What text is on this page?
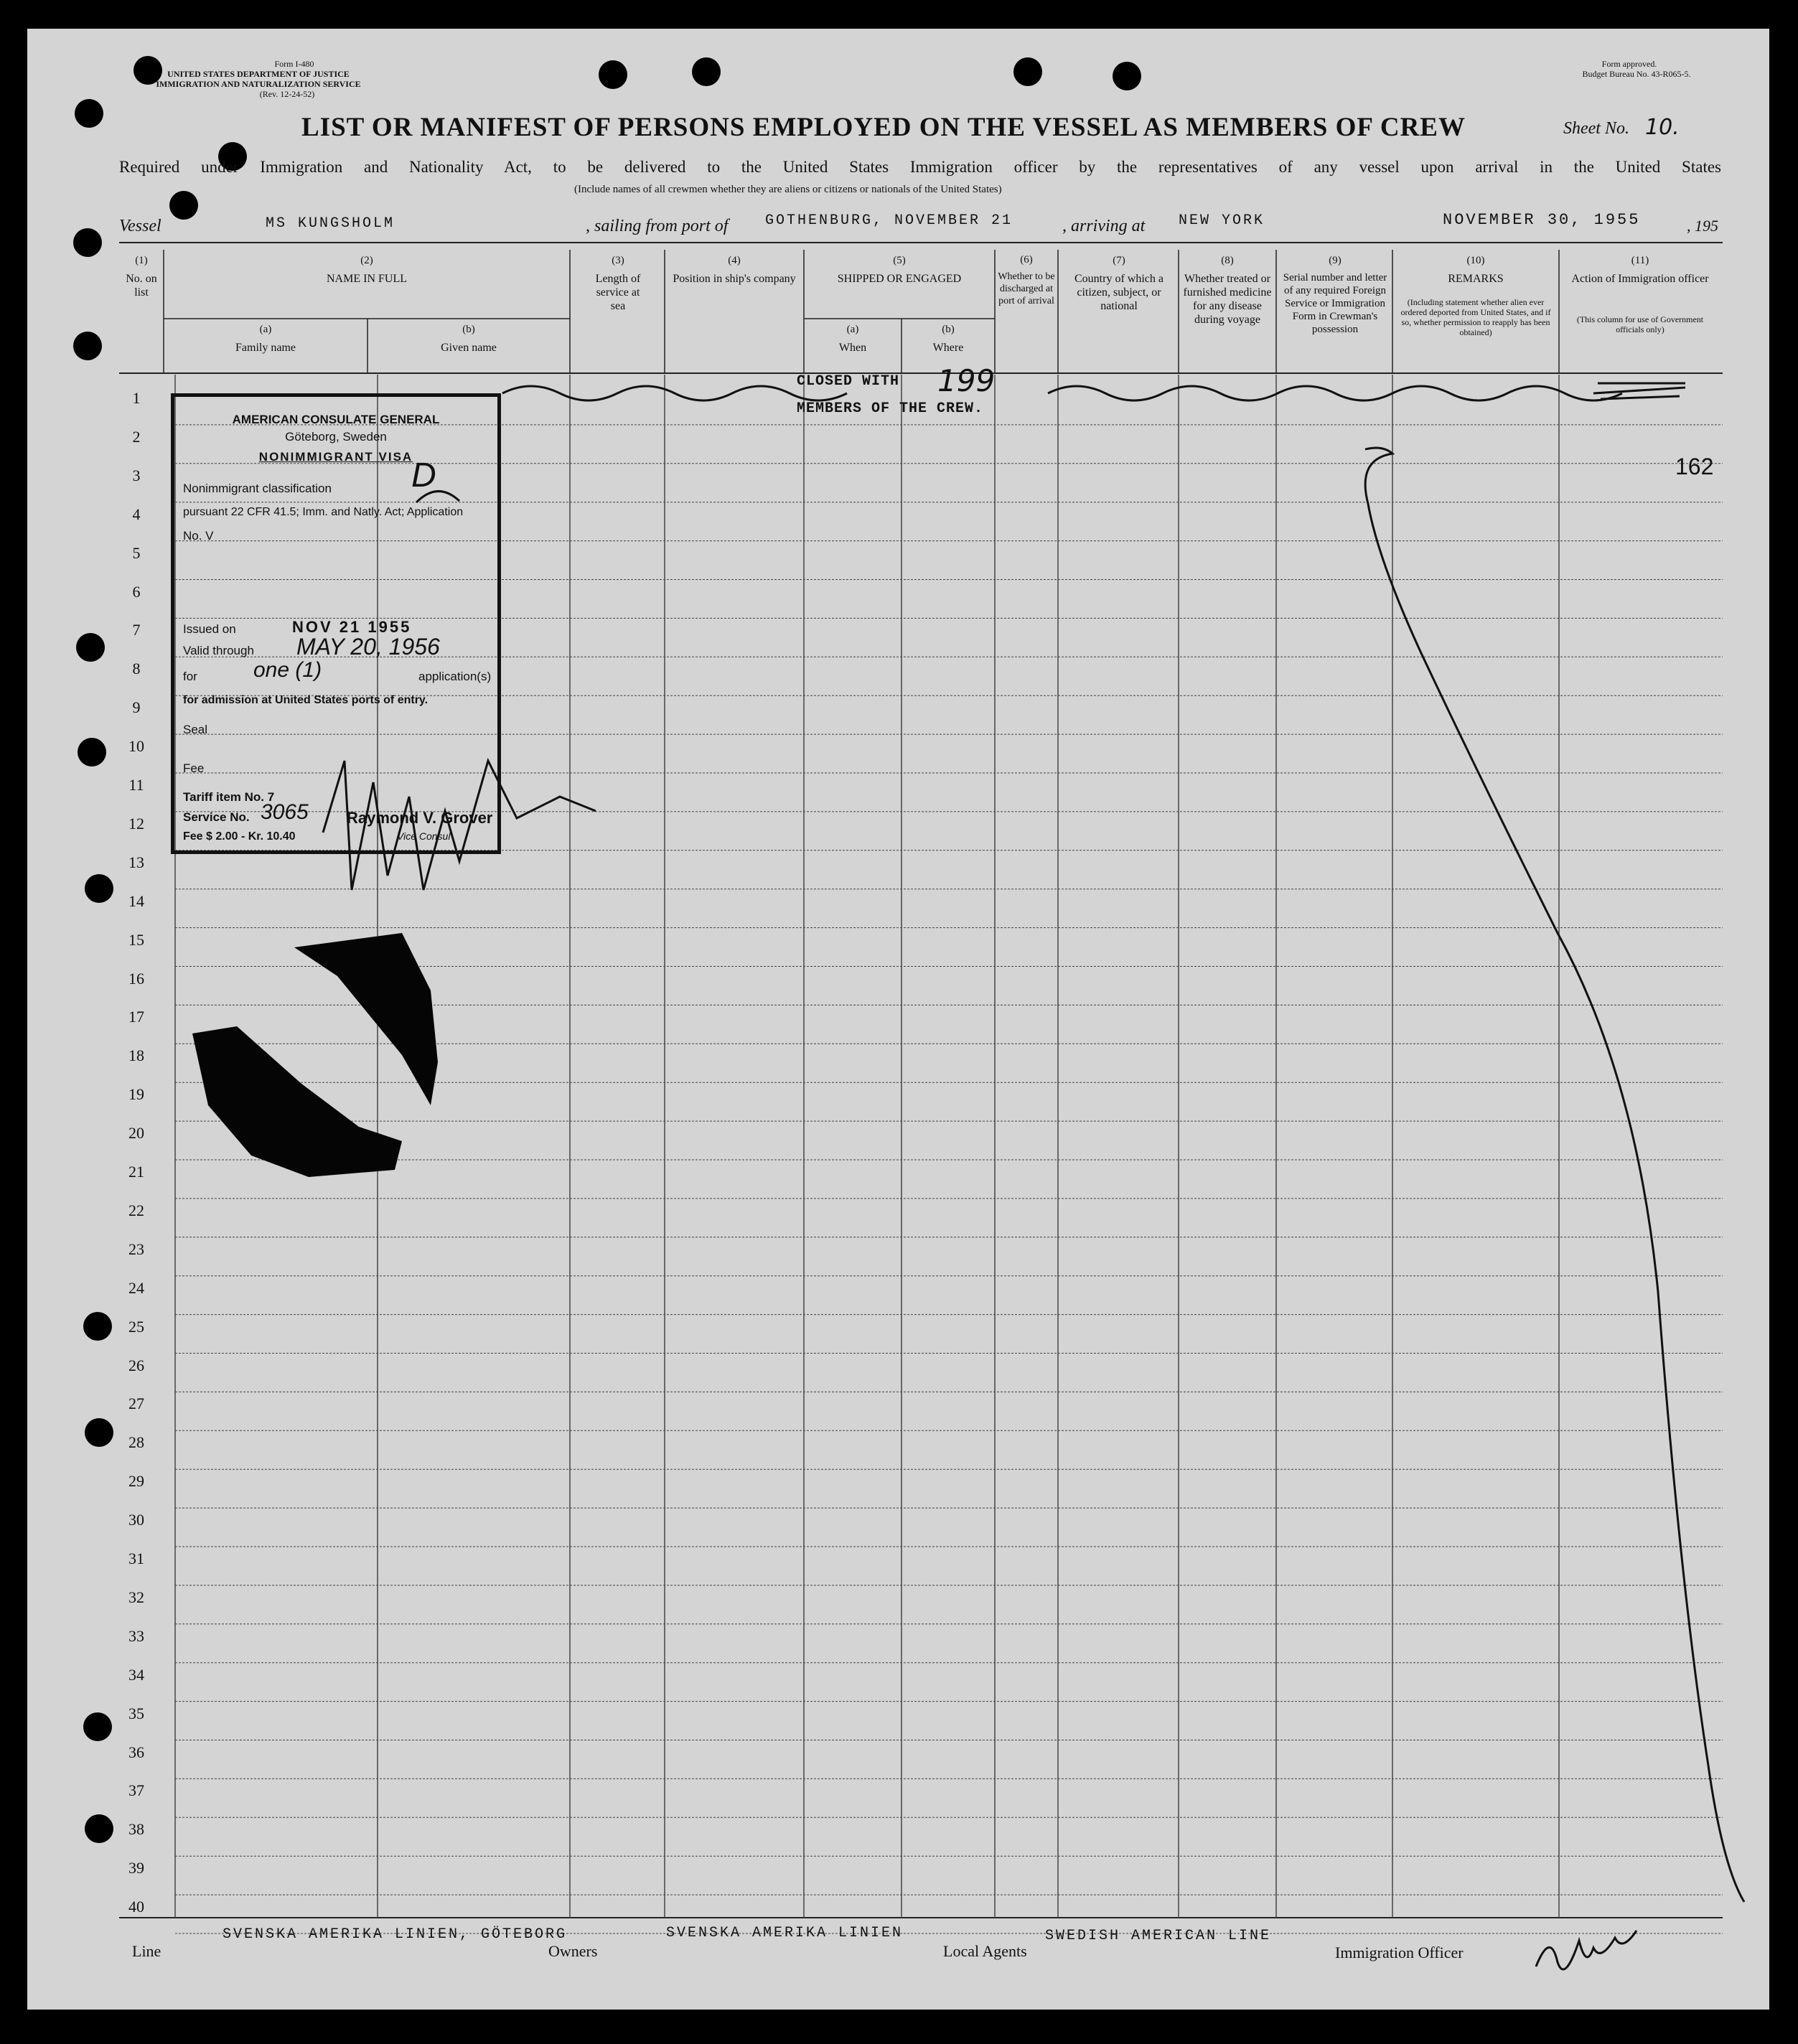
Form I-480
UNITED STATES DEPARTMENT OF JUSTICE
IMMIGRATION AND NATURALIZATION SERVICE
(Rev. 12-24-52)
Form approved.
Budget Bureau No. 43-R065-5.
LIST OR MANIFEST OF PERSONS EMPLOYED ON THE VESSEL AS MEMBERS OF CREW	Sheet No. 10.
Required under Immigration and Nationality Act, to be delivered to the United States Immigration officer by the representatives of any vessel upon arrival in the United States
(Include names of all crewmen whether they are aliens or citizens or nationals of the United States)
Vessel	MS KUNGSHOLM	, sailing from port of	GOTHENBURG, NOVEMBER 21	, arriving at NEW YORK	NOVEMBER 30, 1955	, 195
(1)
No. on list
(2)
NAME IN FULL
(a)
Family name
(b)
Given name
(3)
Length of service at sea
(4)
Position in ship's company
(5)
SHIPPED OR ENGAGED
(a)
When
(b)
Where
(6)
Whether to be discharged at port of arrival
(7)
Country of which a citizen, subject, or national
(8)
Whether treated or furnished medicine for any disease during voyage
(9)
Serial number and letter of any required Foreign Service or Immigration Form in Crewman's possession
(10)
REMARKS
(Including statement whether alien ever ordered deported from United States, and if so, whether permission to reapply has been obtained)
(11)
Action of Immigration officer
(This column for use of Government officials only)
1
2
3
4
5
6
7
8
9
10
11
12
13
14
15
16
17
18
19
20
21
22
23
24
25
26
27
28
29
30
31
32
33
34
35
36
37
38
39
40
CLOSED WITH 199
MEMBERS OF THE CREW.
162
AMERICAN CONSULATE GENERAL
Göteborg, Sweden
NONIMMIGRANT VISA
Nonimmigrant classification D
pursuant 22 CFR 41.5; Imm. and Natly. Act; Application
No. V
Issued on	NOV 21 1955
Valid through MAY 20, 1956
for	one (1)	application(s)
for admission at United States ports of entry.
Seal
Fee
Tariff item No. 7
Service No. 3065
Fee $ 2.00 - Kr. 10.40
Raymond V. Grover
Vice Consul
Line
SVENSKA AMERIKA LINIEN, GÖTEBORG
Owners
SVENSKA AMERIKA LINIEN
Local Agents
SWEDISH AMERICAN LINE
Immigration Officer
